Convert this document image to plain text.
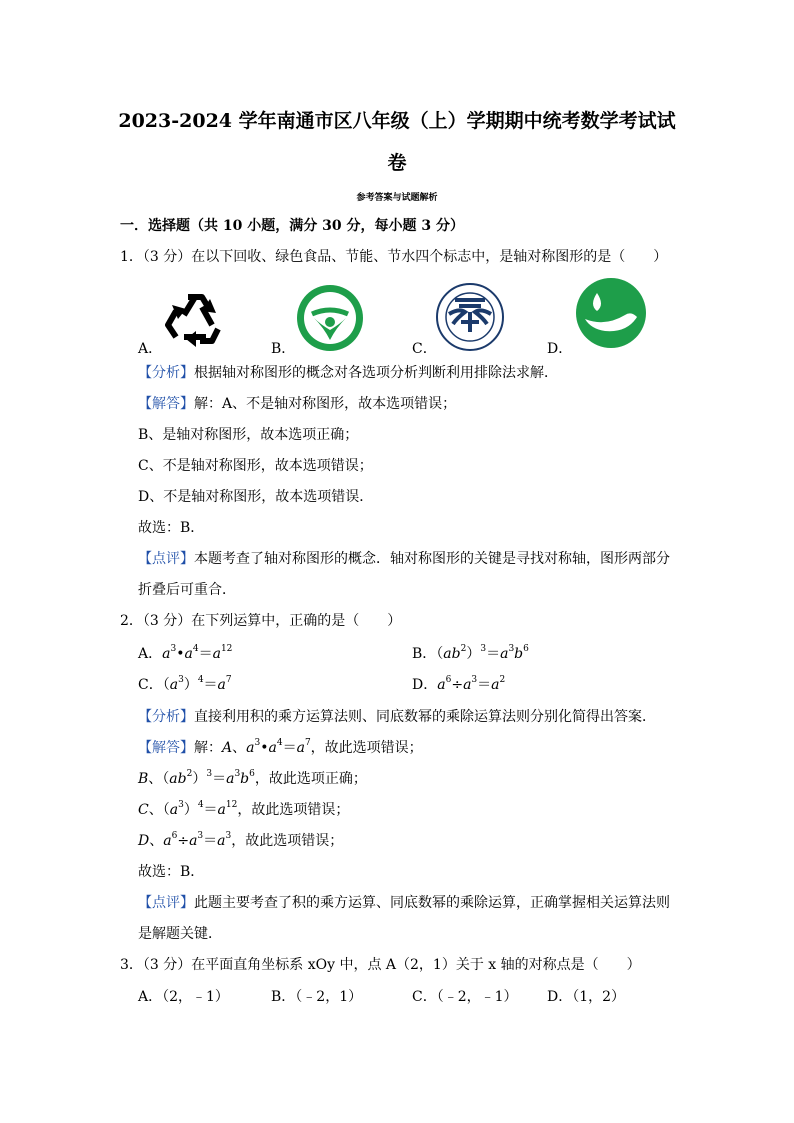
2023-2024 学年南通市区八年级（上）学期期中统考数学考试试
卷
参考答案与试题解析
一．选择题（共 10 小题，满分 30 分，每小题 3 分）
1．（3 分）在以下回收、绿色食品、节能、节水四个标志中，是轴对称图形的是（　　）
A．	B．	C．	D．
【分析】根据轴对称图形的概念对各选项分析判断利用排除法求解．
【解答】解：A、不是轴对称图形，故本选项错误；
B、是轴对称图形，故本选项正确；
C、不是轴对称图形，故本选项错误；
D、不是轴对称图形，故本选项错误．
故选：B．
【点评】本题考查了轴对称图形的概念．轴对称图形的关键是寻找对称轴，图形两部分
折叠后可重合．
2．（3 分）在下列运算中，正确的是（　　）
A．$a^3•a^4=a^{12}$	B．$(ab^2)^3=a^3b^6$
C．$(a^3)^4=a^7$	D．$a^6\div a^3=a^2$
【分析】直接利用积的乘方运算法则、同底数幂的乘除运算法则分别化简得出答案．
【解答】解：A、$a^3•a^4=a^7$，故此选项错误；
B、$(ab^2)^3=a^3b^6$，故此选项正确；
C、$(a^3)^4=a^{12}$，故此选项错误；
D、$a^6\div a^3=a^3$，故此选项错误；
故选：B．
【点评】此题主要考查了积的乘方运算、同底数幂的乘除运算，正确掌握相关运算法则
是解题关键．
3．（3 分）在平面直角坐标系 xOy 中，点 A（2，1）关于 x 轴的对称点是（　　）
A．（2，﹣1）	B．（﹣2，1）	C．（﹣2，﹣1） D．（1，2）
